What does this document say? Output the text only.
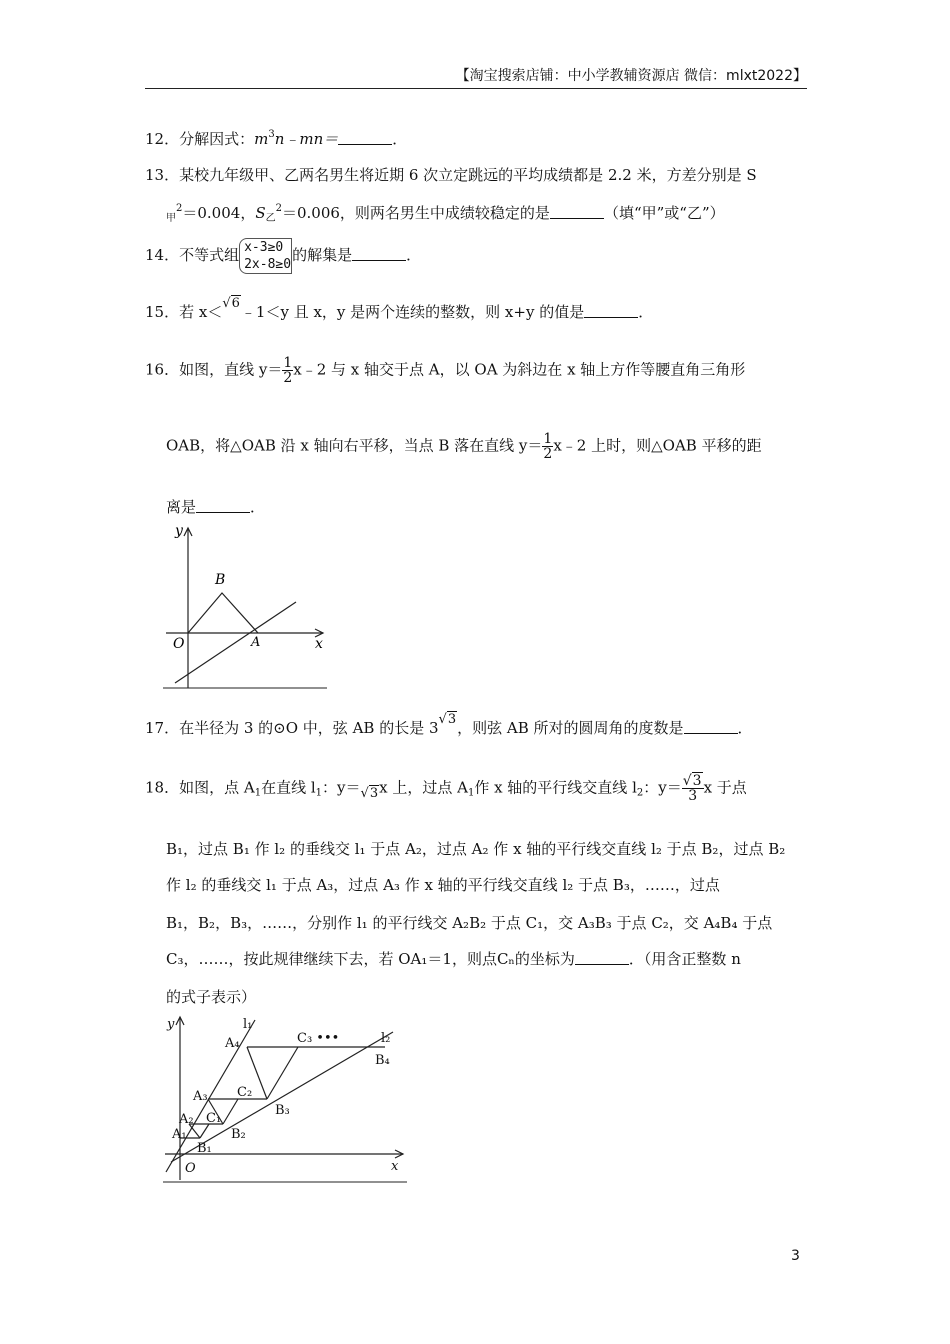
【淘宝搜索店铺：中小学教辅资源店 微信：mlxt2022】
12．分解因式：$m^3n﹣mn=$	．
13．某校九年级甲、乙两名男生将近期 6 次立定跳远的平均成绩都是 2.2 米，方差分别是 S
$_甲^2$＝0.004，$S_乙^2=0.006$，则两名男生中成绩较稳定的是	（填“甲”或“乙”）
14．不等式组 x-3≥0
2x-8≥0
的解集是	．
15．若 x＜√6﹣1＜y 且 x，y 是两个连续的整数，则 x+y 的值是	．
16．如图，直线 $y= \frac{1}{2}$ x﹣2 与 x 轴交于点 A，以 OA 为斜边在 x 轴上方作等腰直角三角形
OAB，将△OAB 沿 x 轴向右平移，当点 B 落在直线 $y= \frac{1}{2}$ x﹣2 上时，则△OAB 平移的距
离是	．
y
x
O	A
B
17．在半径为 3 的⊙O 中，弦 AB 的长是 3√3，则弦 AB 所对的圆周角的度数是	．
18．如图，点 $A_1$在直线 $l_1$：y＝√3x 上，过点 $A_1$作 x 轴的平行线交直线 $l_2$：$y= \frac{√3}{3}$ x 于点
B₁，过点 B₁ 作 l₂ 的垂线交 l₁ 于点 A₂，过点 A₂ 作 x 轴的平行线交直线 l₂ 于点 B₂，过点 B₂
作 l₂ 的垂线交 l₁ 于点 A₃，过点 A₃ 作 x 轴的平行线交直线 l₂ 于点 B₃，……，过点
B₁，B₂，B₃，……，分别作 l₁ 的平行线交 A₂B₂ 于点 C₁，交 A₃B₃ 于点 C₂，交 A₄B₄ 于点
C₃，……，按此规律继续下去，若 OA₁＝1，则点Cₙ的坐标为	．（用含正整数 n
的式子表示）
y
x
O
l₁
l₂
A₁
A₂
A₃
A₄
B₁
B₂
B₃
B₄
C₁
C₂
C₃ •••
3
